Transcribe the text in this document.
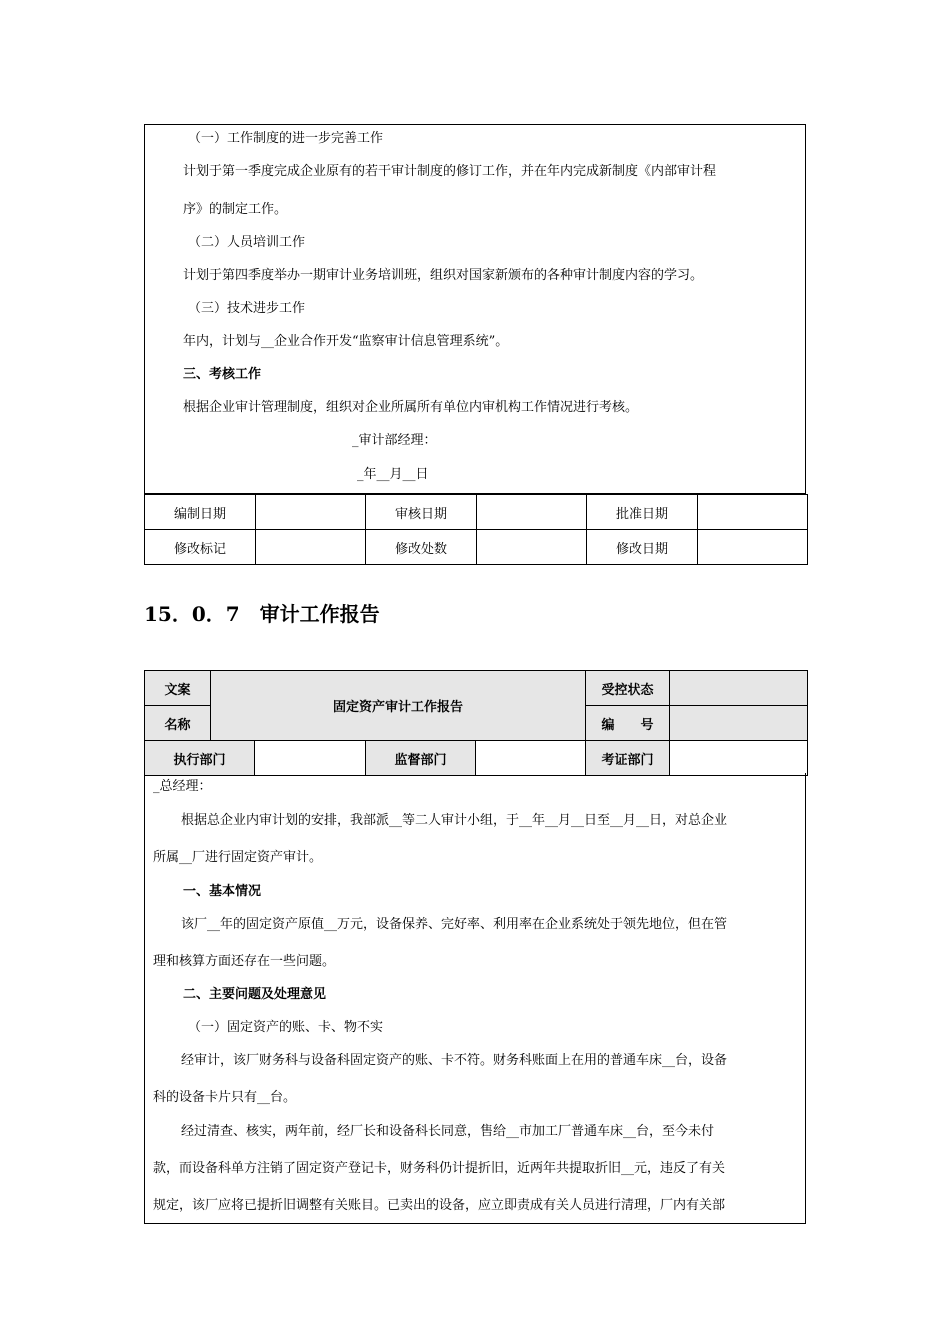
（一）工作制度的进一步完善工作
计划于第一季度完成企业原有的若干审计制度的修订工作，并在年内完成新制度《内部审计程
序》的制定工作。
（二）人员培训工作
计划于第四季度举办一期审计业务培训班，组织对国家新颁布的各种审计制度内容的学习。
（三）技术进步工作
年内，计划与__企业合作开发“监察审计信息管理系统”。
三、考核工作
根据企业审计管理制度，组织对企业所属所有单位内审机构工作情况进行考核。
_审计部经理：
_年__月__日
编制日期		审核日期		批准日期	
修改标记		修改处数		修改日期	
15．0．7　审计工作报告
文案	固定资产审计工作报告				受控状态	
名称					编　　号	
执行部门			监督部门		考证部门	
_总经理：
根据总企业内审计划的安排，我部派__等二人审计小组，于__年__月__日至__月__日，对总企业
所属__厂进行固定资产审计。
一、基本情况
该厂__年的固定资产原值__万元，设备保养、完好率、利用率在企业系统处于领先地位，但在管
理和核算方面还存在一些问题。
二、主要问题及处理意见
（一）固定资产的账、卡、物不实
经审计，该厂财务科与设备科固定资产的账、卡不符。财务科账面上在用的普通车床__台，设备
科的设备卡片只有__台。
经过清查、核实，两年前，经厂长和设备科长同意，售给__市加工厂普通车床__台，至今未付
款，而设备科单方注销了固定资产登记卡，财务科仍计提折旧，近两年共提取折旧__元，违反了有关
规定，该厂应将已提折旧调整有关账目。已卖出的设备，应立即责成有关人员进行清理，厂内有关部
